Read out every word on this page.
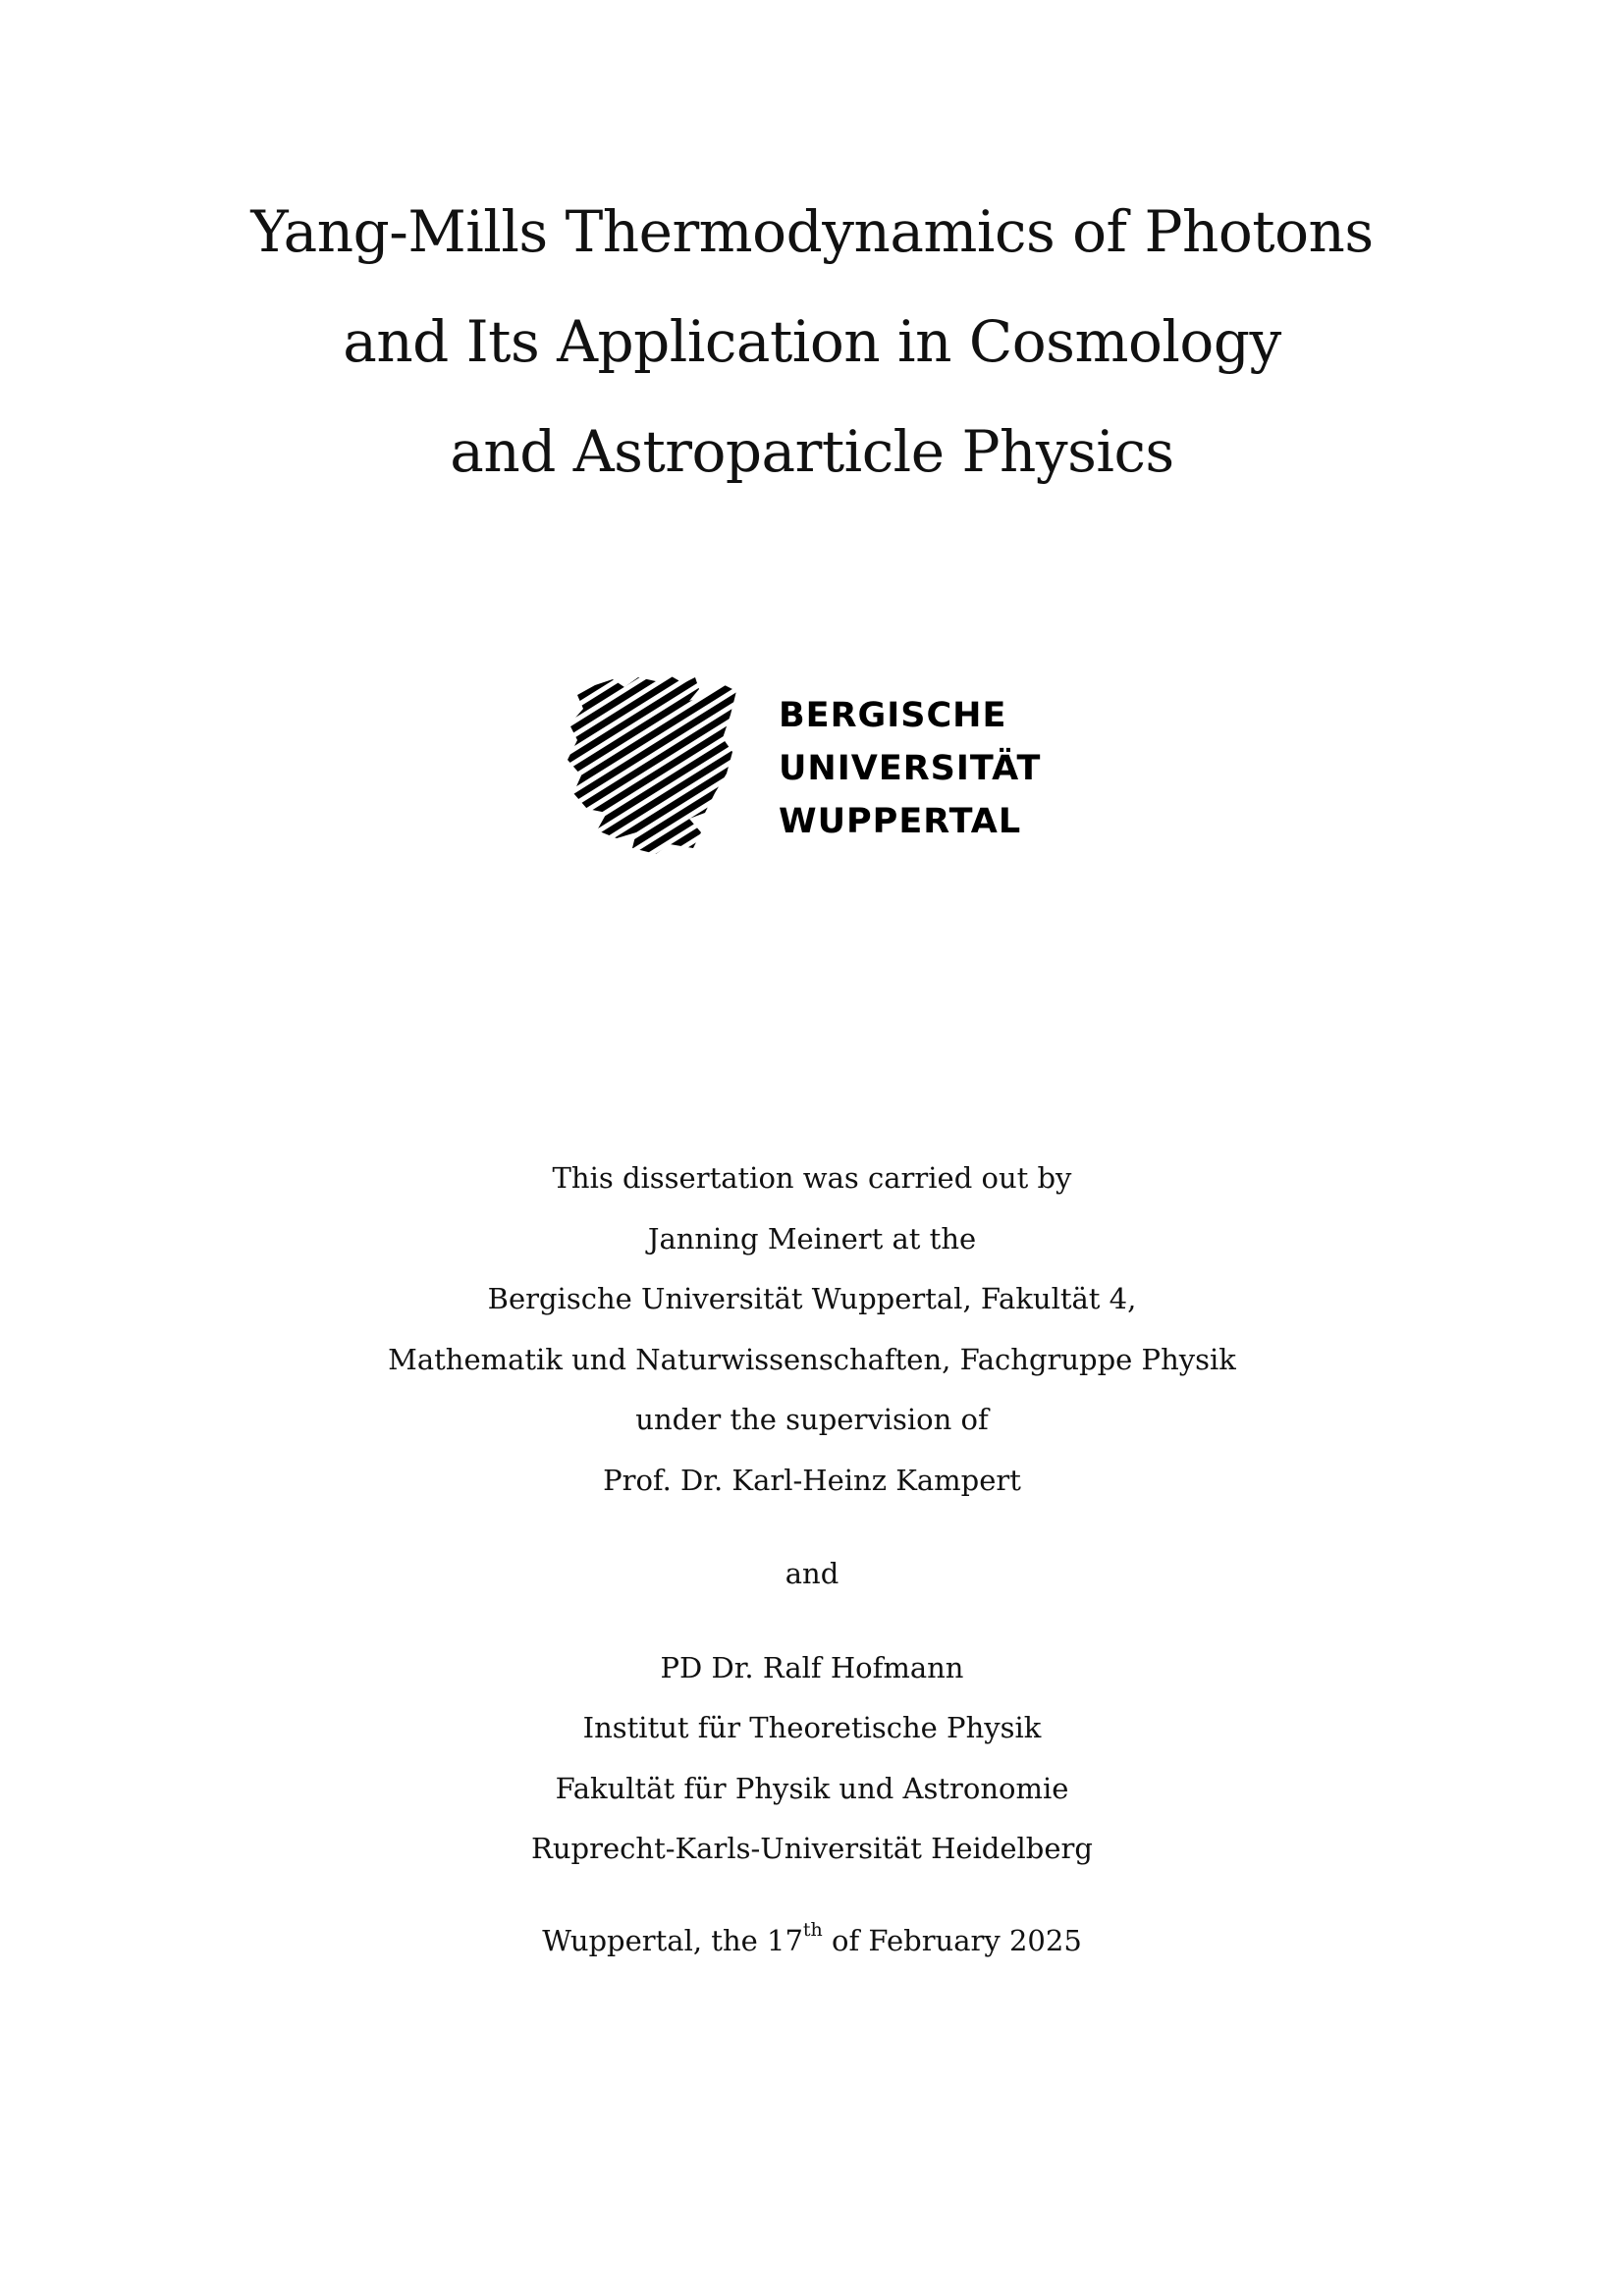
Yang-Mills Thermodynamics of Photons

and Its Application in Cosmology

and Astroparticle Physics

BERGISCHE
UNIVERSITÄT
WUPPERTAL

This dissertation was carried out by

Janning Meinert at the

Bergische Universität Wuppertal, Fakultät 4,

Mathematik und Naturwissenschaften, Fachgruppe Physik

under the supervision of

Prof. Dr. Karl-Heinz Kampert

and

PD Dr. Ralf Hofmann

Institut für Theoretische Physik

Fakultät für Physik und Astronomie

Ruprecht-Karls-Universität Heidelberg

Wuppertal, the 17th of February 2025
